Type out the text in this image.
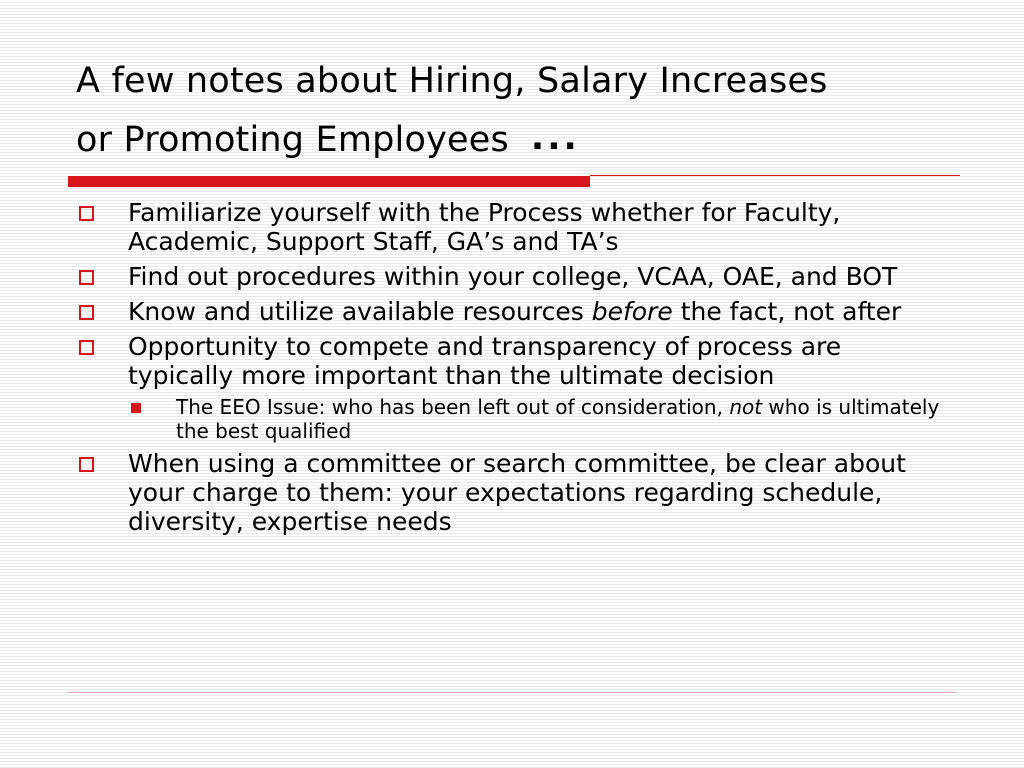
A few notes about Hiring, Salary Increases
or Promoting Employees ...
Familiarize yourself with the Process whether for Faculty, Academic, Support Staff, GA’s and TA’s
Find out procedures within your college, VCAA, OAE, and BOT
Know and utilize available resources before the fact, not after
Opportunity to compete and transparency of process are typically more important than the ultimate decision
The EEO Issue: who has been left out of consideration, not who is ultimately the best qualified
When using a committee or search committee, be clear about your charge to them: your expectations regarding schedule, diversity, expertise needs
